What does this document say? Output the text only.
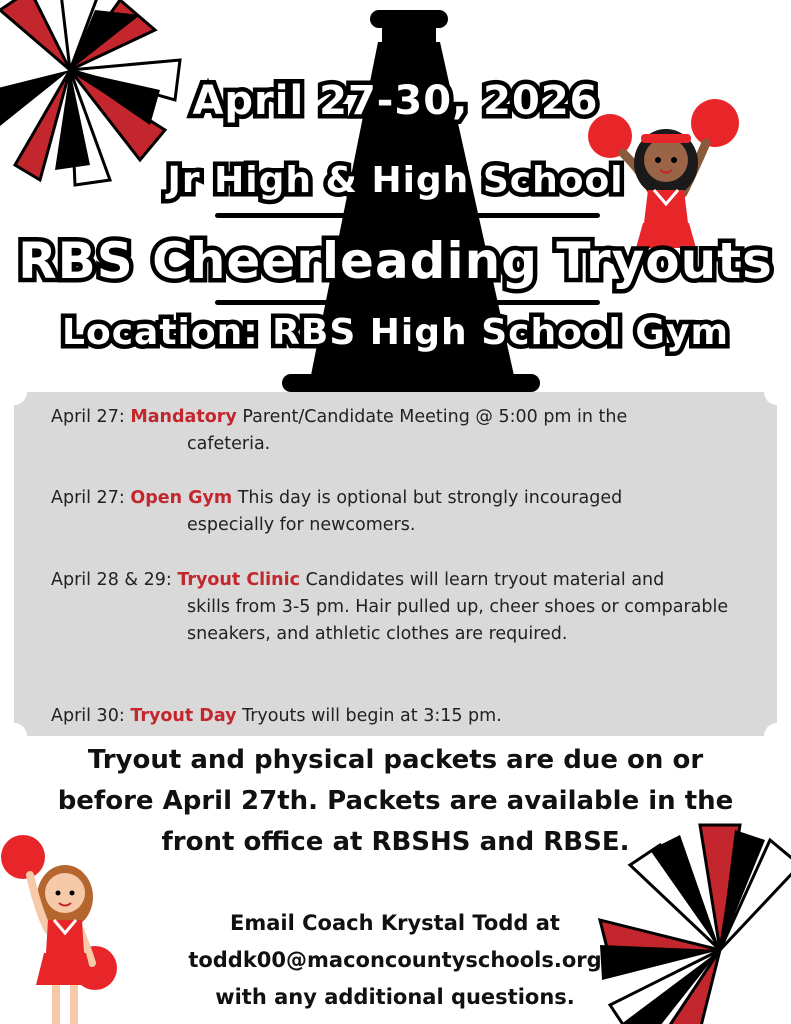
April 27-30, 2026
Jr High & High School
RBS Cheerleading Tryouts
Location: RBS High School Gym
April 27: Mandatory Parent/Candidate Meeting @ 5:00 pm in the
cafeteria.
April 27: Open Gym This day is optional but strongly incouraged
especially for newcomers.
April 28 & 29: Tryout Clinic Candidates will learn tryout material and
skills from 3-5 pm. Hair pulled up, cheer shoes or comparable sneakers, and athletic clothes are required.
April 30: Tryout Day Tryouts will begin at 3:15 pm.
Tryout and physical packets are due on or before April 27th. Packets are available in the front office at RBSHS and RBSE.
Email Coach Krystal Todd at
toddk00@maconcountyschools.org
with any additional questions.
